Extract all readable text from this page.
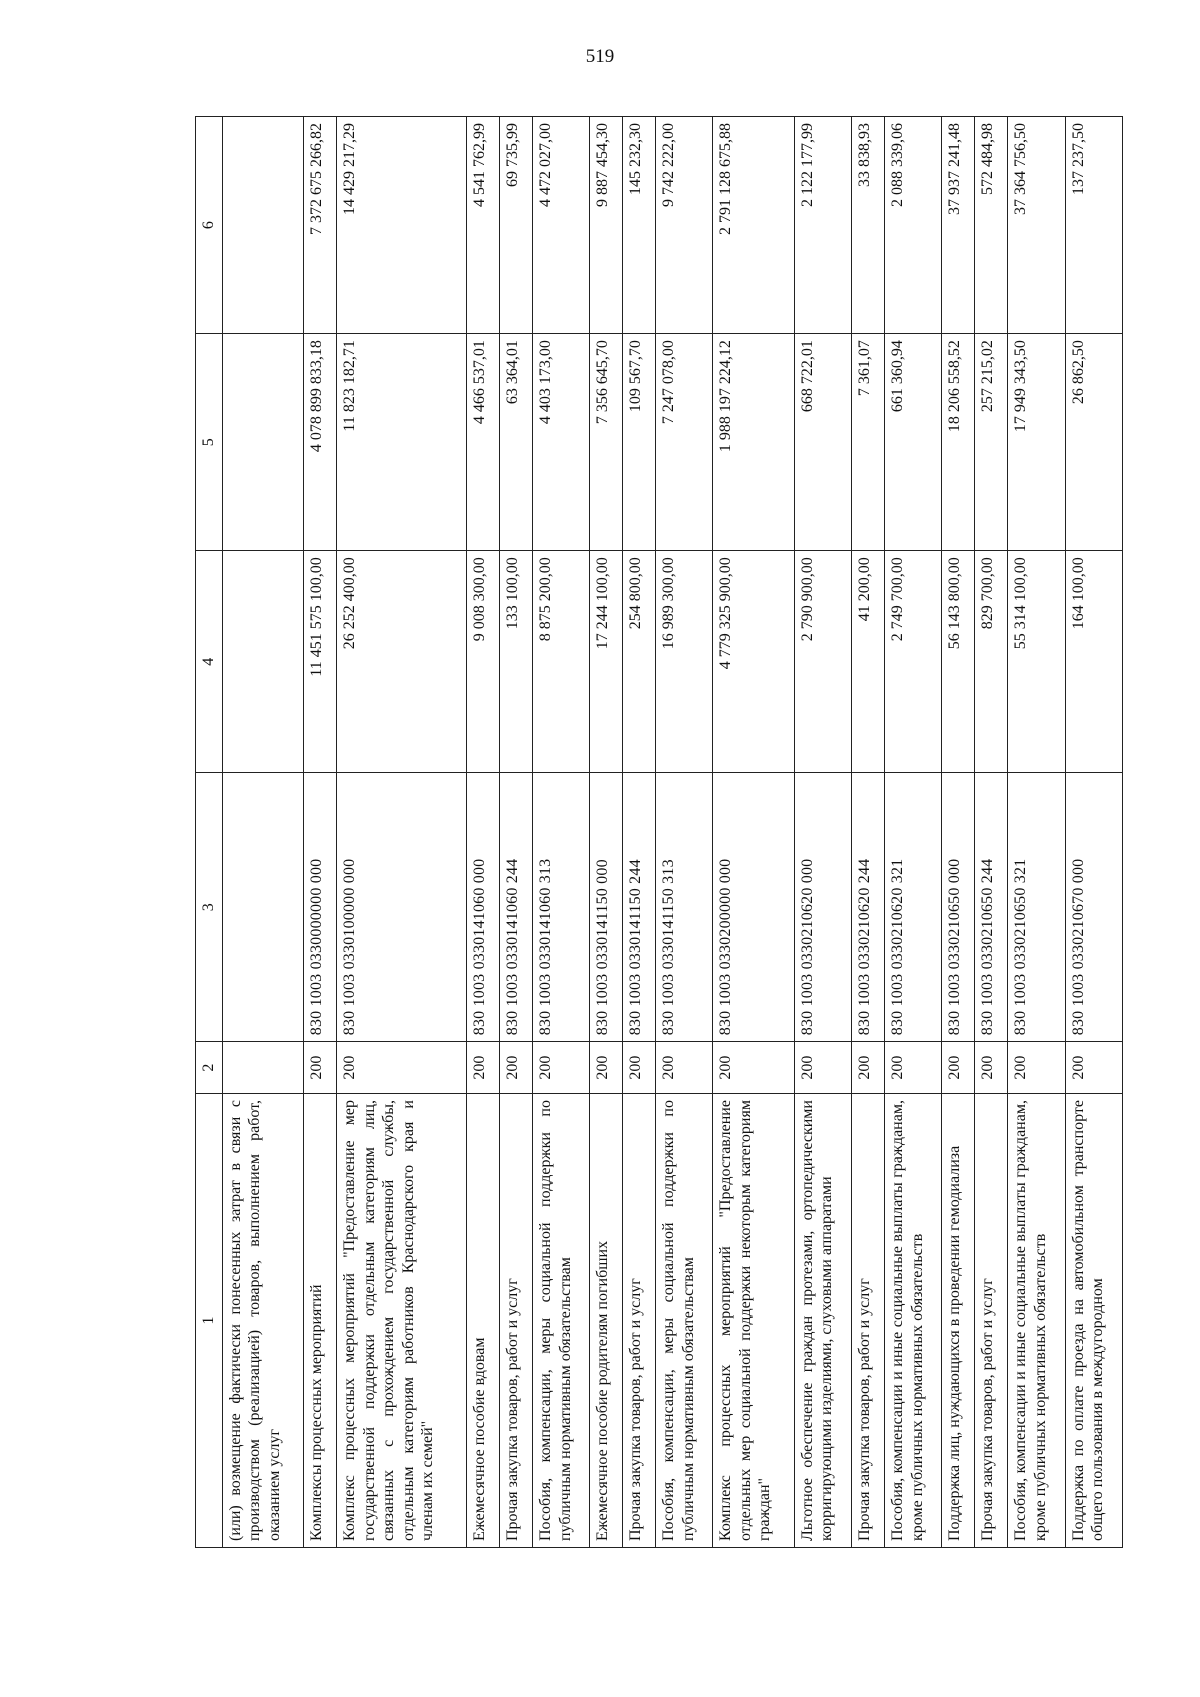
519
1	2	3	4	5	6
(или) возмещение фактически понесенных затрат в связи с производством (реализацией) товаров, выполнением работ, оказанием услуг					
Комплексы процессных мероприятий	200	830 1003 0330000000 000	11 451 575 100,00	4 078 899 833,18	7 372 675 266,82
Комплекс процессных мероприятий "Предоставление мер государственной поддержки отдельным категориям лиц, связанных с прохождением государственной службы, отдельным категориям работников Краснодарского края и членам их семей"	200	830 1003 0330100000 000	26 252 400,00	11 823 182,71	14 429 217,29
Ежемесячное пособие вдовам	200	830 1003 0330141060 000	9 008 300,00	4 466 537,01	4 541 762,99
Прочая закупка товаров, работ и услуг	200	830 1003 0330141060 244	133 100,00	63 364,01	69 735,99
Пособия, компенсации, меры социальной поддержки по публичным нормативным обязательствам	200	830 1003 0330141060 313	8 875 200,00	4 403 173,00	4 472 027,00
Ежемесячное пособие родителям погибших	200	830 1003 0330141150 000	17 244 100,00	7 356 645,70	9 887 454,30
Прочая закупка товаров, работ и услуг	200	830 1003 0330141150 244	254 800,00	109 567,70	145 232,30
Пособия, компенсации, меры социальной поддержки по публичным нормативным обязательствам	200	830 1003 0330141150 313	16 989 300,00	7 247 078,00	9 742 222,00
Комплекс процессных мероприятий "Предоставление отдельных мер социальной поддержки некоторым категориям граждан"	200	830 1003 0330200000 000	4 779 325 900,00	1 988 197 224,12	2 791 128 675,88
Льготное обеспечение граждан протезами, ортопедическими корригирующими изделиями, слуховыми аппаратами	200	830 1003 0330210620 000	2 790 900,00	668 722,01	2 122 177,99
Прочая закупка товаров, работ и услуг	200	830 1003 0330210620 244	41 200,00	7 361,07	33 838,93
Пособия, компенсации и иные социальные выплаты гражданам, кроме публичных нормативных обязательств	200	830 1003 0330210620 321	2 749 700,00	661 360,94	2 088 339,06
Поддержка лиц, нуждающихся в проведении гемодиализа	200	830 1003 0330210650 000	56 143 800,00	18 206 558,52	37 937 241,48
Прочая закупка товаров, работ и услуг	200	830 1003 0330210650 244	829 700,00	257 215,02	572 484,98
Пособия, компенсации и иные социальные выплаты гражданам, кроме публичных нормативных обязательств	200	830 1003 0330210650 321	55 314 100,00	17 949 343,50	37 364 756,50
Поддержка по оплате проезда на автомобильном транспорте общего пользования в междугородном	200	830 1003 0330210670 000	164 100,00	26 862,50	137 237,50
